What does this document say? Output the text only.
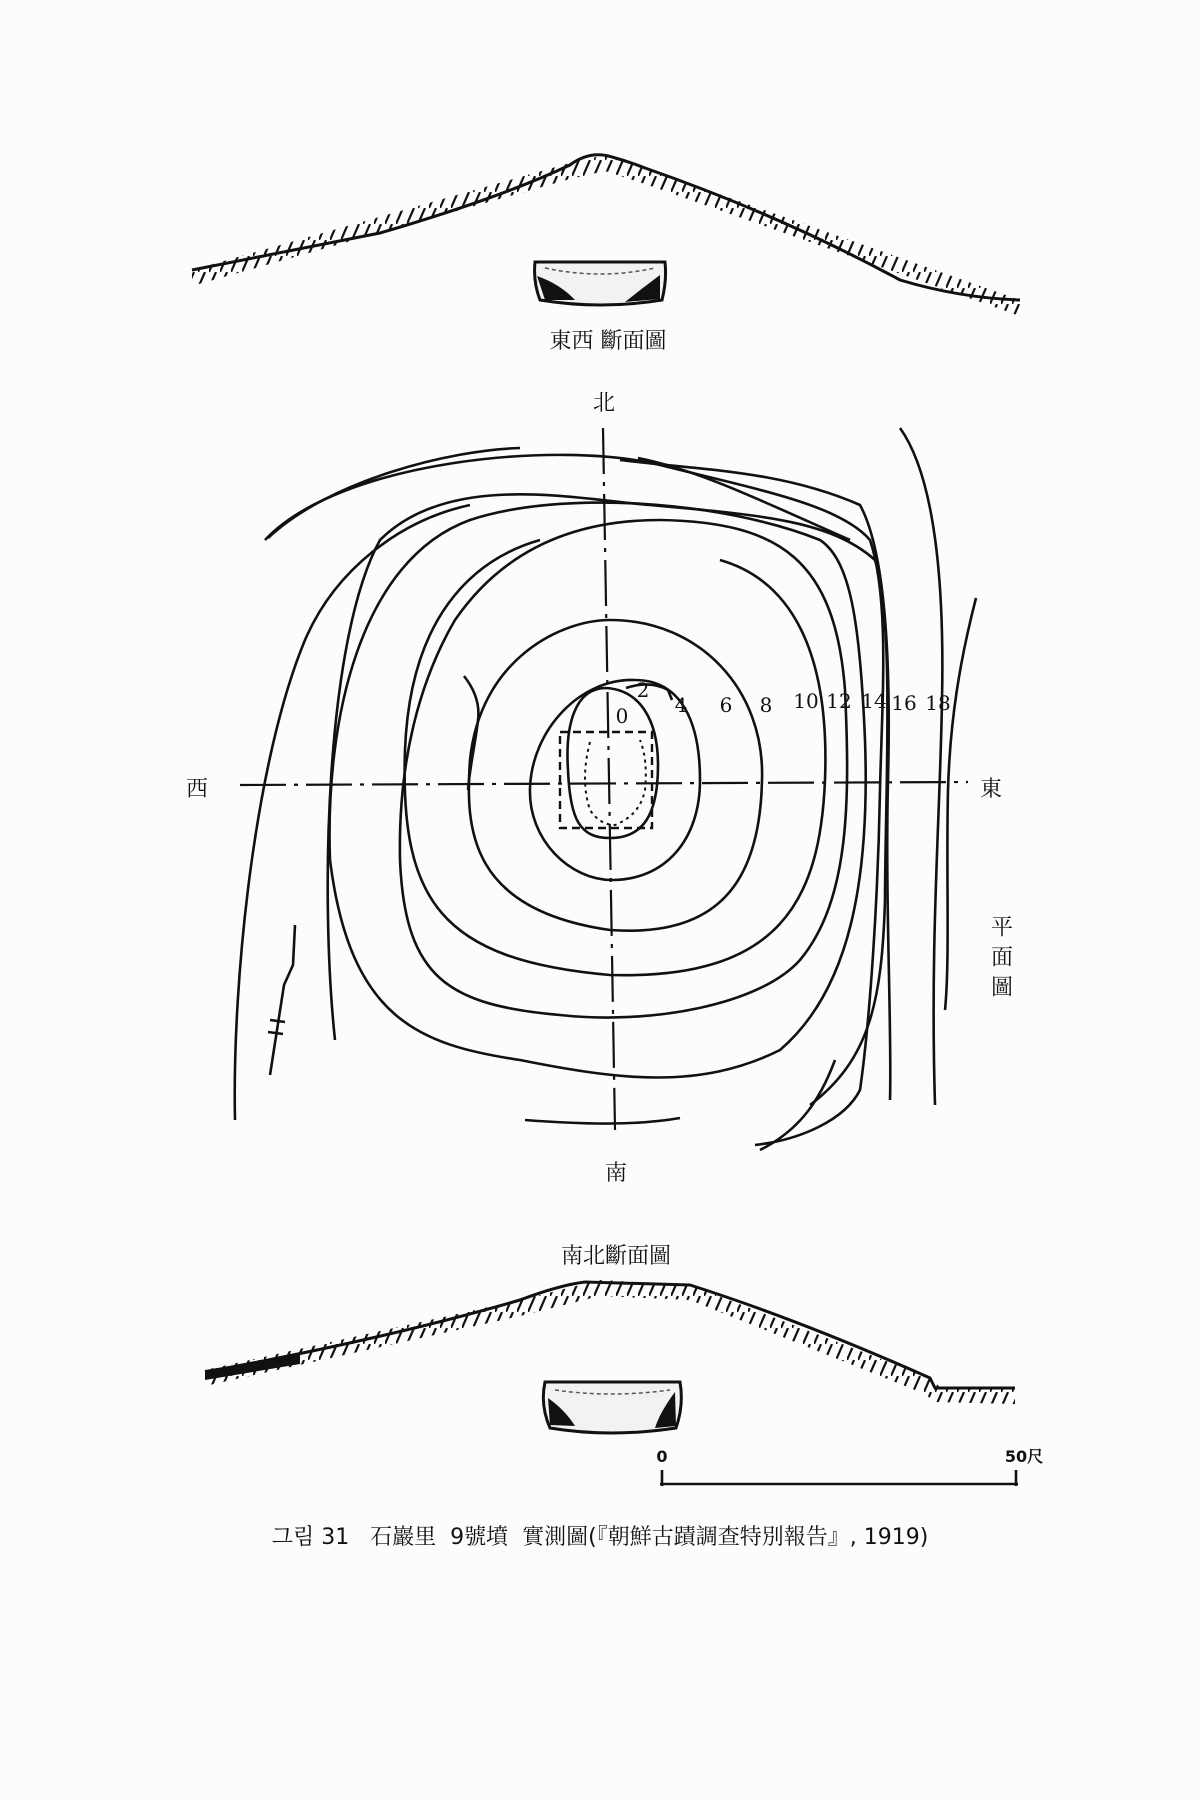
東西 斷面圖
北
南
西	東
0
2
4 6 8 10 12 14 16 18
平面圖
南北斷面圖
0	50尺
그림 31   石巖里  9號墳  實測圖(『朝鮮古蹟調查特別報告』, 1919)
